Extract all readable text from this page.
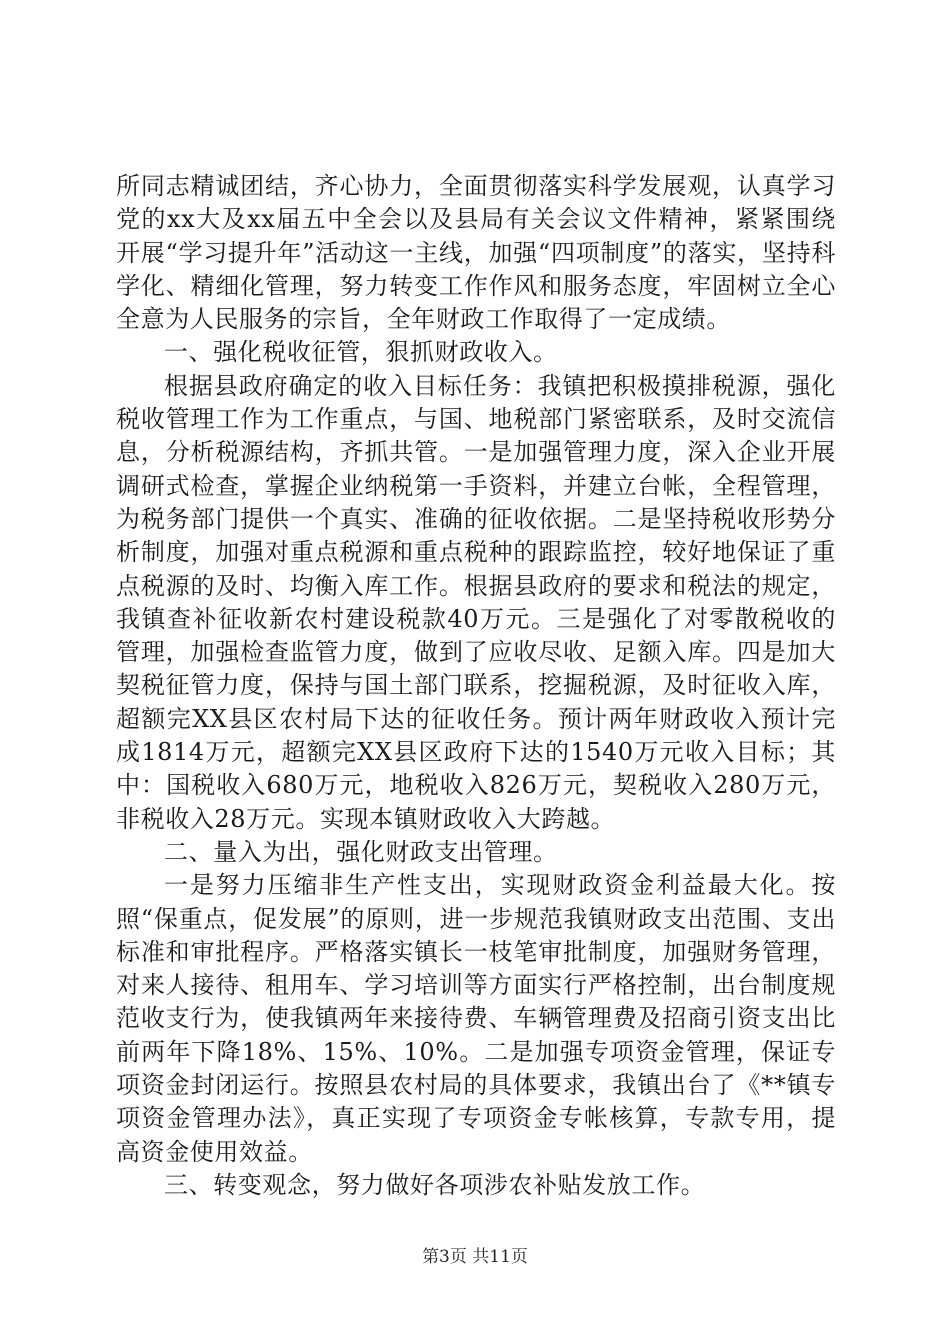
所同志精诚团结，齐心协力，全面贯彻落实科学发展观，认真学习党的xx大及xx届五中全会以及县局有关会议文件精神，紧紧围绕开展“学习提升年”活动这一主线，加强“四项制度”的落实，坚持科学化、精细化管理，努力转变工作作风和服务态度，牢固树立全心全意为人民服务的宗旨，全年财政工作取得了一定成绩。

一、强化税收征管，狠抓财政收入。

根据县政府确定的收入目标任务：我镇把积极摸排税源，强化税收管理工作为工作重点，与国、地税部门紧密联系，及时交流信息，分析税源结构，齐抓共管。一是加强管理力度，深入企业开展调研式检查，掌握企业纳税第一手资料，并建立台帐，全程管理，为税务部门提供一个真实、准确的征收依据。二是坚持税收形势分析制度，加强对重点税源和重点税种的跟踪监控，较好地保证了重点税源的及时、均衡入库工作。根据县政府的要求和税法的规定，我镇查补征收新农村建设税款40万元。三是强化了对零散税收的管理，加强检查监管力度，做到了应收尽收、足额入库。四是加大契税征管力度，保持与国土部门联系，挖掘税源，及时征收入库，超额完XX县区农村局下达的征收任务。预计两年财政收入预计完成1814万元，超额完XX县区政府下达的1540万元收入目标；其中：国税收入680万元，地税收入826万元，契税收入280万元，非税收入28万元。实现本镇财政收入大跨越。

二、量入为出，强化财政支出管理。

一是努力压缩非生产性支出，实现财政资金利益最大化。按照“保重点，促发展”的原则，进一步规范我镇财政支出范围、支出标准和审批程序。严格落实镇长一枝笔审批制度，加强财务管理，对来人接待、租用车、学习培训等方面实行严格控制，出台制度规范收支行为，使我镇两年来接待费、车辆管理费及招商引资支出比前两年下降18%、15%、10%。二是加强专项资金管理，保证专项资金封闭运行。按照县农村局的具体要求，我镇出台了《**镇专项资金管理办法》，真正实现了专项资金专帐核算，专款专用，提高资金使用效益。

三、转变观念，努力做好各项涉农补贴发放工作。

第3页 共11页
